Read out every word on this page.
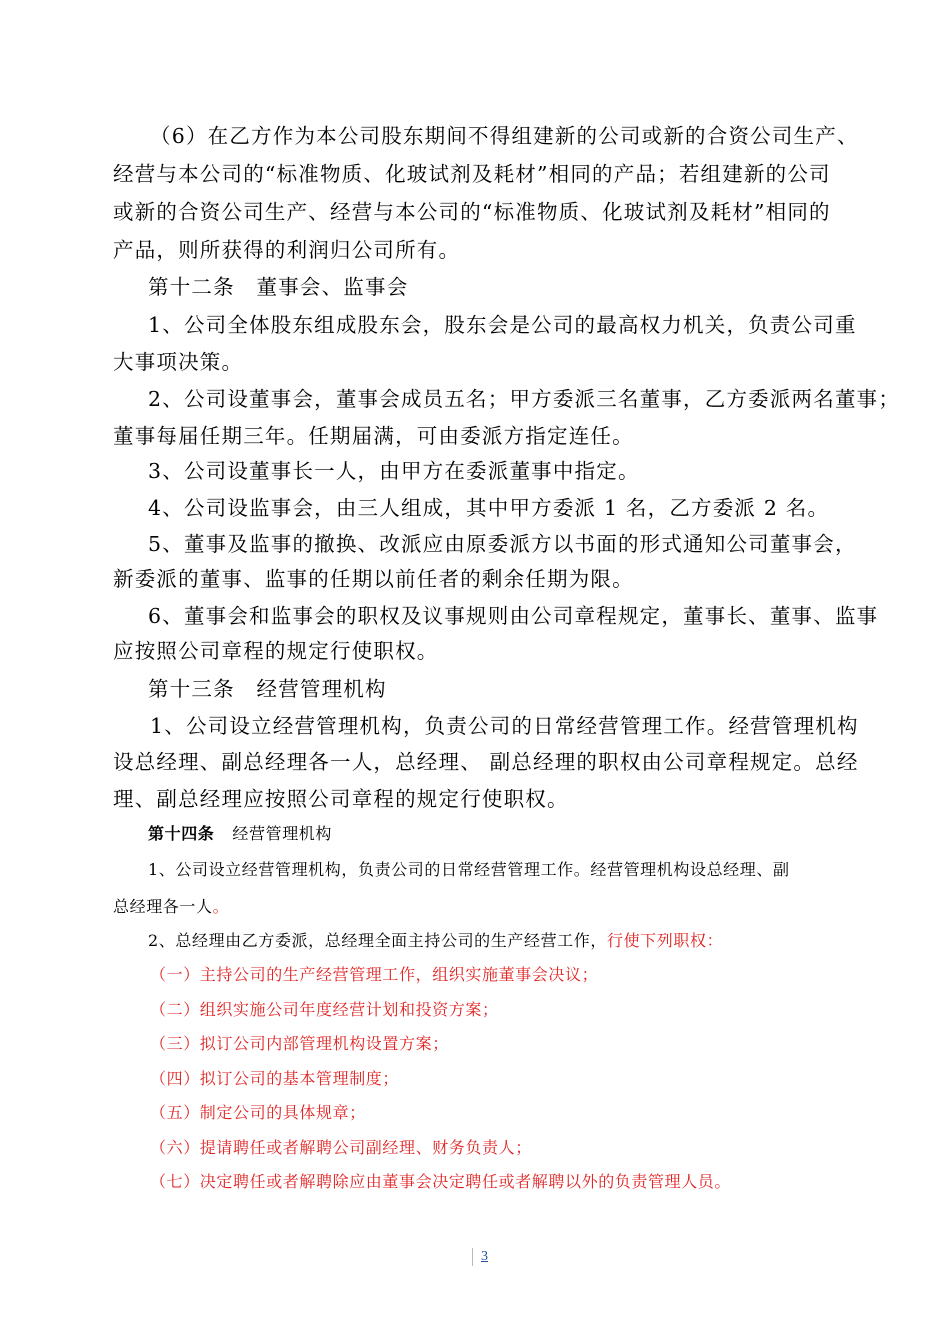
（6）在乙方作为本公司股东期间不得组建新的公司或新的合资公司生产、
经营与本公司的“标准物质、化玻试剂及耗材”相同的产品；若组建新的公司
或新的合资公司生产、经营与本公司的“标准物质、化玻试剂及耗材”相同的
产品，则所获得的利润归公司所有。
第十二条　董事会、监事会
1、公司全体股东组成股东会，股东会是公司的最高权力机关，负责公司重
大事项决策。
2、公司设董事会，董事会成员五名；甲方委派三名董事，乙方委派两名董事；
董事每届任期三年。任期届满，可由委派方指定连任。
3、公司设董事长一人，由甲方在委派董事中指定。
4、公司设监事会，由三人组成，其中甲方委派 1 名，乙方委派 2 名。
5、董事及监事的撤换、改派应由原委派方以书面的形式通知公司董事会，
新委派的董事、监事的任期以前任者的剩余任期为限。
6、董事会和监事会的职权及议事规则由公司章程规定，董事长、董事、监事
应按照公司章程的规定行使职权。
第十三条　经营管理机构
1、公司设立经营管理机构，负责公司的日常经营管理工作。经营管理机构
设总经理、副总经理各一人，总经理、 副总经理的职权由公司章程规定。总经
理、副总经理应按照公司章程的规定行使职权。
第十四条 经营管理机构
1、公司设立经营管理机构，负责公司的日常经营管理工作。经营管理机构设总经理、副
总经理各一人。
2、总经理由乙方委派，总经理全面主持公司的生产经营工作，行使下列职权：
（一）主持公司的生产经营管理工作，组织实施董事会决议；
（二）组织实施公司年度经营计划和投资方案；
（三）拟订公司内部管理机构设置方案；
（四）拟订公司的基本管理制度；
（五）制定公司的具体规章；
（六）提请聘任或者解聘公司副经理、财务负责人；
（七）决定聘任或者解聘除应由董事会决定聘任或者解聘以外的负责管理人员。
3
